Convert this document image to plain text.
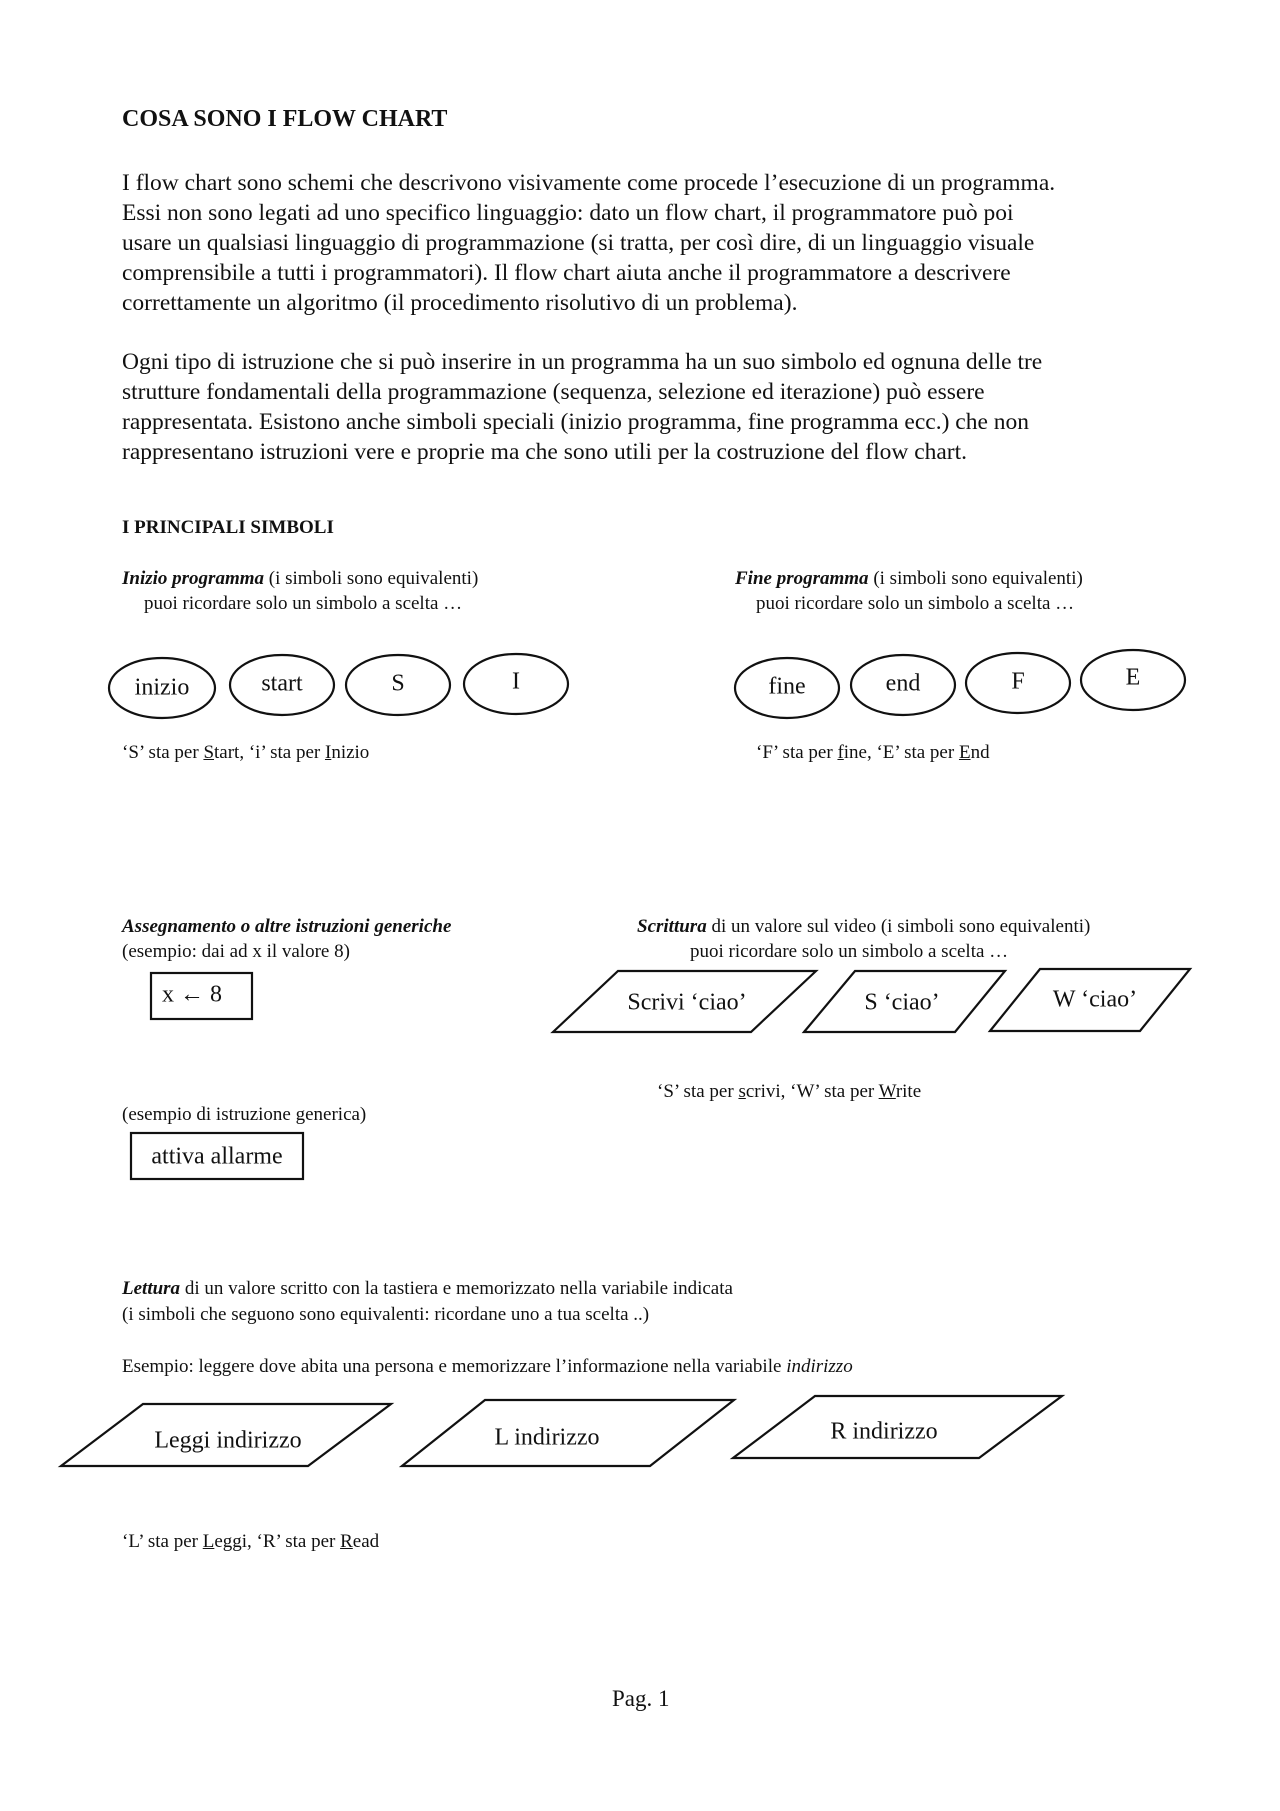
COSA SONO I FLOW CHART
I flow chart sono schemi che descrivono visivamente come procede l’esecuzione di un programma.
Essi non sono legati ad uno specifico linguaggio: dato un flow chart, il programmatore può poi
usare un qualsiasi linguaggio di programmazione (si tratta, per così dire, di un linguaggio visuale
comprensibile a tutti i programmatori). Il flow chart aiuta anche il programmatore a descrivere
correttamente un algoritmo (il procedimento risolutivo di un problema).
Ogni tipo di istruzione che si può inserire in un programma ha un suo simbolo ed ognuna delle tre
strutture fondamentali della programmazione (sequenza, selezione ed iterazione) può essere
rappresentata. Esistono anche simboli speciali (inizio programma, fine programma ecc.) che non
rappresentano istruzioni vere e proprie ma che sono utili per la costruzione del flow chart.
I PRINCIPALI SIMBOLI
Inizio programma (i simboli sono equivalenti)
puoi ricordare solo un simbolo a scelta …
Fine programma (i simboli sono equivalenti)
puoi ricordare solo un simbolo a scelta …
inizio	start	S	I	fine	end	F	E
‘S’ sta per Start, ‘i’ sta per Inizio	‘F’ sta per fine, ‘E’ sta per End
Assegnamento o altre istruzioni generiche
(esempio: dai ad x il valore 8)
x ← 8
(esempio di istruzione generica)
attiva allarme
Scrittura di un valore sul video (i simboli sono equivalenti)
puoi ricordare solo un simbolo a scelta …
Scrivi ‘ciao’	S ‘ciao’	W ‘ciao’
‘S’ sta per scrivi, ‘W’ sta per Write
Lettura di un valore scritto con la tastiera e memorizzato nella variabile indicata
(i simboli che seguono sono equivalenti: ricordane uno a tua scelta ..)
Esempio: leggere dove abita una persona e memorizzare l’informazione nella variabile indirizzo
Leggi indirizzo	L indirizzo	R indirizzo
‘L’ sta per Leggi, ‘R’ sta per Read
Pag. 1
